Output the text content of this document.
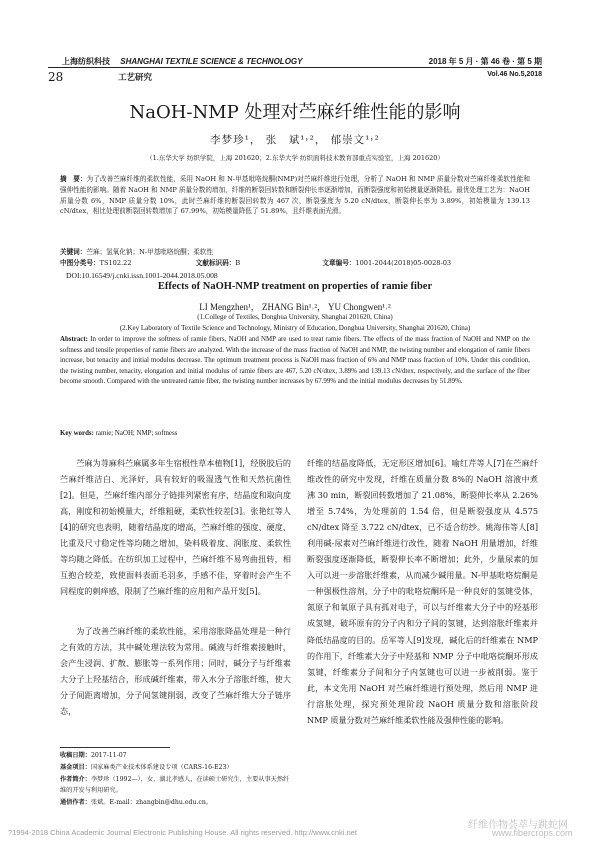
上海纺织科技 SHANGHAI TEXTILE SCIENCE & TECHNOLOGY	2018 年 5 月 · 第 46 卷 · 第 5 期
28	工艺研究	Vol.46 No.5,2018
NaOH-NMP 处理对苎麻纤维性能的影响
李梦珍¹， 张　斌¹˒²， 郁崇文¹˒²
（1.东华大学 纺织学院，上海 201620；2.东华大学 纺织面料技术教育部重点实验室，上海 201620）
摘　要：为了改善苎麻纤维的柔软性能，采用 NaOH 和 N-甲基吡咯烷酮(NMP)对苎麻纤维进行处理，分析了 NaOH 和 NMP 质量分数对苎麻纤维柔软性能和强伸性能的影响。随着 NaOH 和 NMP 质量分数的增加，纤维的断裂回转数和断裂伸长率逐渐增加，而断裂强度和初始模量逐渐降低。最优处理工艺为：NaOH 质量分数 6%，NMP 质量分数 10%，此时苎麻纤维的断裂回转数为 467 次，断裂强度为 5.20 cN/dtex，断裂伸长率为 3.89%，初始模量为 139.13 cN/dtex，相比处理前断裂回转数增加了 67.99%，初始模量降低了 51.89%，且纤维表面光滑。
关键词：苎麻；氢氧化钠；N-甲基吡咯烷酮；柔软性
中图分类号：TS102.22	文献标识码：B	文章编号：1001-2044(2018)05-0028-03
DOI:10.16549/j.cnki.issn.1001-2044.2018.05.008
Effects of NaOH-NMP treatment on properties of ramie fiber
LI Mengzhen¹， ZHANG Bin¹˒²， YU Chongwen¹˒²
(1.College of Textiles, Donghua University, Shanghai 201620, China)
(2.Key Laboratory of Textile Science and Technology, Ministry of Education, Donghua University, Shanghai 201620, China)
Abstract: In order to improve the softness of ramie fibers, NaOH and NMP are used to treat ramie fibers. The effects of the mass fraction of NaOH and NMP on the softness and tensile properties of ramie fibers are analyzed. With the increase of the mass fraction of NaOH and NMP, the twisting number and elongation of ramie fibers increase, but tenacity and initial modulus decrease. The optimum treatment process is NaOH mass fraction of 6% and NMP mass fraction of 10%. Under this condition, the twisting number, tenacity, elongation and initial modulus of ramie fibers are 467, 5.20 cN/dtex, 3.89% and 139.13 cN/dtex, respectively, and the surface of the fiber become smooth. Compared with the untreated ramie fiber, the twisting number increases by 67.99% and the initial modulus decreases by 51.89%.
Key words: ramie; NaOH; NMP; softness
苎麻为荨麻科苎麻属多年生宿根性草本植物[1]，经脱胶后的苎麻纤维洁白、光泽好，具有较好的吸湿透气性和天然抗菌性[2]。但是，苎麻纤维内部分子链排列紧密有序，结晶度和取向度高，刚度和初始模量大，纤维粗硬，柔软性较差[3]。张艳红等人[4]的研究也表明，随着结晶度的增高，苎麻纤维的强度、硬度、比重及尺寸稳定性等均随之增加，染料吸着度、润胀度、柔软性等均随之降低。在纺织加工过程中，苎麻纤维不易弯曲扭转，相互抱合较差，致使面料表面毛羽多，手感不佳，穿着时会产生不同程度的刺痒感，限制了苎麻纤维的应用和产品开发[5]。
为了改善苎麻纤维的柔软性能，采用溶胀降晶处理是一种行之有效的方法，其中碱处理法较为常用。碱液与纤维素接触时，会产生浸润、扩散、膨胀等一系列作用；同时，碱分子与纤维素大分子上羟基结合，形成碱纤维素，带入水分子溶胀纤维，使大分子间距离增加，分子间氢键削弱，改变了苎麻纤维大分子链序态，
纤维的结晶度降低，无定形区增加[6]。喻红芹等人[7]在苎麻纤维改性的研究中发现，纤维在质量分数 8%的 NaOH 溶液中煮沸 30 min，断裂回转数增加了 21.08%，断裂伸长率从 2.26%增至 5.74%，为处理前的 1.54 倍，但是断裂强度从 4.575 cN/dtex 降至 3.722 cN/dtex，已不适合纺纱。姚海伟等人[8]利用碱-尿素对苎麻纤维进行改性，随着 NaOH 用量增加，纤维断裂强度逐渐降低，断裂伸长率不断增加；此外，少量尿素的加入可以进一步溶胀纤维素，从而减少碱用量。N-甲基吡咯烷酮是一种强极性溶剂，分子中的吡咯烷酮环是一种良好的氢键受体，氮原子和氧原子具有孤对电子，可以与纤维素大分子中的羟基形成氢键，破坏原有的分子内和分子间的氢键，达到溶胀纤维素并降低结晶度的目的。岳军等人[9]发现，碱化后的纤维素在 NMP 的作用下，纤维素大分子中羟基和 NMP 分子中吡咯烷酮环形成氢键，纤维素分子间和分子内氢键也可以进一步被削弱。鉴于此，本文先用 NaOH 对苎麻纤维进行预处理，然后用 NMP 进行溶胀处理，探究预处理阶段 NaOH 质量分数和溶胀阶段 NMP 质量分数对苎麻纤维柔软性能及强伸性能的影响。
收稿日期：2017-11-07
基金项目：国家麻类产业技术体系建设专项（CARS-16-E23）
作者简介：李梦珍（1992—），女，湖北孝感人，在读硕士研究生，主要从事天然纤维的开发与利用研究。
通信作者：张斌。E-mail：zhangbin@dhu.edu.cn。
?1994-2018 China Academic Journal Electronic Publishing House. All rights reserved. http://www.cnki.net
纤维作物荟萃与跳蛇网
www.fibercrops.com
